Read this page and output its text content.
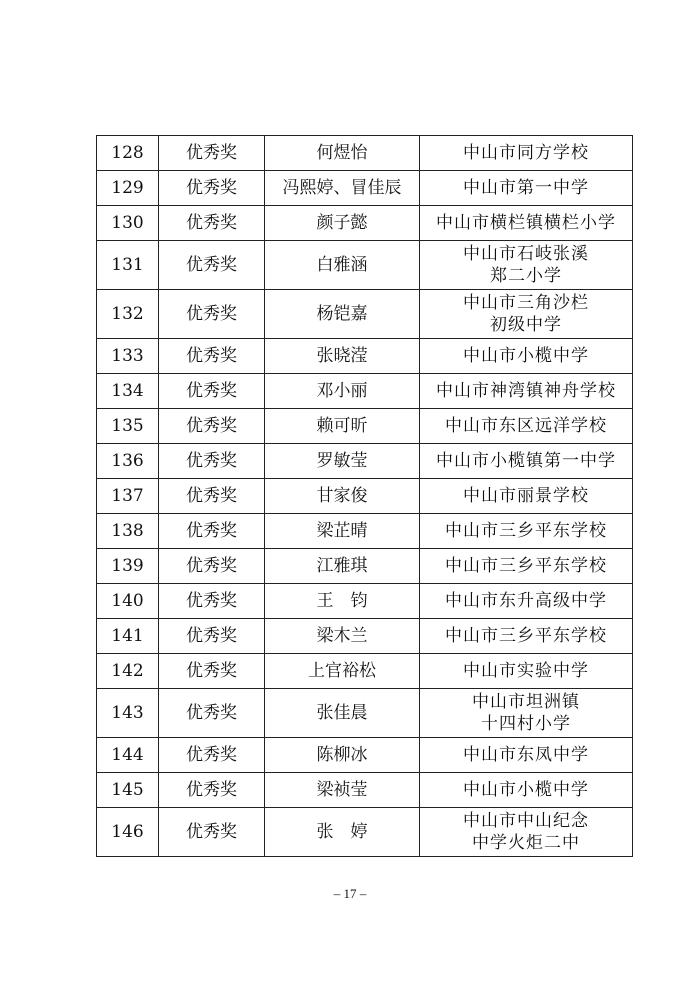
128	优秀奖	何煜怡	中山市同方学校

129	优秀奖	冯熙婷、冒佳辰	中山市第一中学

130	优秀奖	颜子懿	中山市横栏镇横栏小学

131	优秀奖	白雅涵	中山市石岐张溪
郑二小学

132	优秀奖	杨铠嘉	中山市三角沙栏
初级中学

133	优秀奖	张晓滢	中山市小榄中学

134	优秀奖	邓小丽	中山市神湾镇神舟学校

135	优秀奖	赖可昕	中山市东区远洋学校

136	优秀奖	罗敏莹	中山市小榄镇第一中学

137	优秀奖	甘家俊	中山市丽景学校

138	优秀奖	梁芷晴	中山市三乡平东学校

139	优秀奖	江雅琪	中山市三乡平东学校

140	优秀奖	王　钧	中山市东升高级中学

141	优秀奖	梁木兰	中山市三乡平东学校

142	优秀奖	上官裕松	中山市实验中学

143	优秀奖	张佳晨	中山市坦洲镇
十四村小学

144	优秀奖	陈柳冰	中山市东凤中学

145	优秀奖	梁祯莹	中山市小榄中学

146	优秀奖	张　婷	中山市中山纪念
中学火炬二中
– 17 –
